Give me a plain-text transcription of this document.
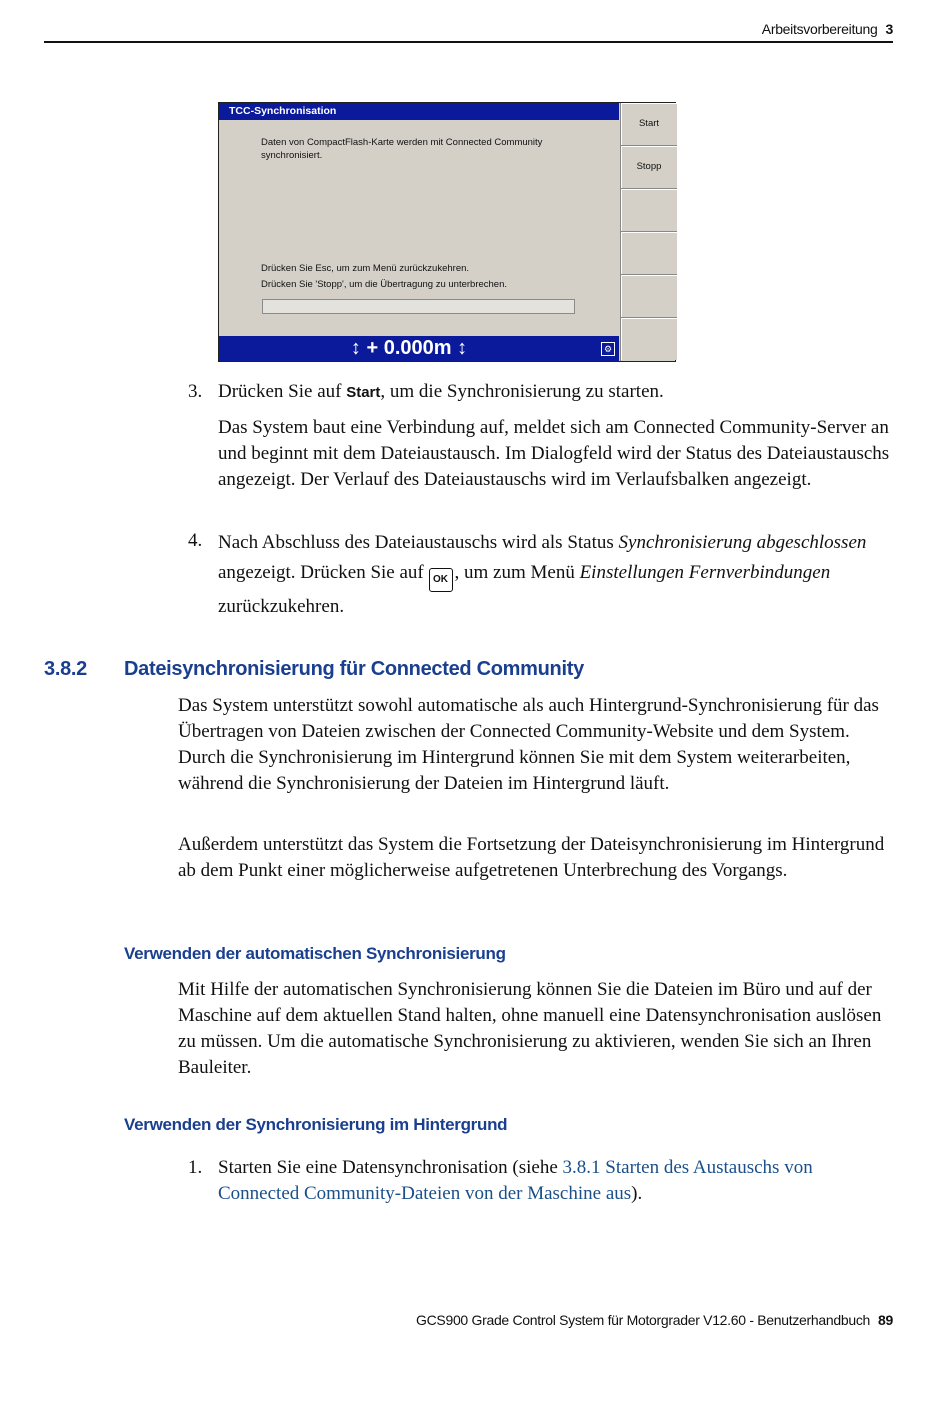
Arbeitsvorbereitung 3
TCC-Synchronisation
Daten von CompactFlash-Karte werden mit Connected Community synchronisiert.
Drücken Sie Esc, um zum Menü zurückzukehren.
Drücken Sie 'Stopp', um die Übertragung zu unterbrechen.
Start
Stopp
↕ + 0.000m ↕	⚙
3. Drücken Sie auf Start, um die Synchronisierung zu starten.
Das System baut eine Verbindung auf, meldet sich am Connected Community-Server an und beginnt mit dem Dateiaustausch. Im Dialogfeld wird der Status des Dateiaustauschs angezeigt. Der Verlauf des Dateiaustauschs wird im Verlaufsbalken angezeigt.
4. Nach Abschluss des Dateiaustauschs wird als Status Synchronisierung abgeschlossen angezeigt. Drücken Sie auf OK , um zum Menü Einstellungen Fernverbindungen zurückzukehren.
3.8.2 Dateisynchronisierung für Connected Community
Das System unterstützt sowohl automatische als auch Hintergrund-Synchronisierung für das Übertragen von Dateien zwischen der Connected Community-Website und dem System. Durch die Synchronisierung im Hintergrund können Sie mit dem System weiterarbeiten, während die Synchronisierung der Dateien im Hintergrund läuft.
Außerdem unterstützt das System die Fortsetzung der Dateisynchronisierung im Hintergrund ab dem Punkt einer möglicherweise aufgetretenen Unterbrechung des Vorgangs.
Verwenden der automatischen Synchronisierung
Mit Hilfe der automatischen Synchronisierung können Sie die Dateien im Büro und auf der Maschine auf dem aktuellen Stand halten, ohne manuell eine Datensynchronisation auslösen zu müssen. Um die automatische Synchronisierung zu aktivieren, wenden Sie sich an Ihren Bauleiter.
Verwenden der Synchronisierung im Hintergrund
1. Starten Sie eine Datensynchronisation (siehe 3.8.1 Starten des Austauschs von Connected Community-Dateien von der Maschine aus).
GCS900 Grade Control System für Motorgrader V12.60 - Benutzerhandbuch 89
